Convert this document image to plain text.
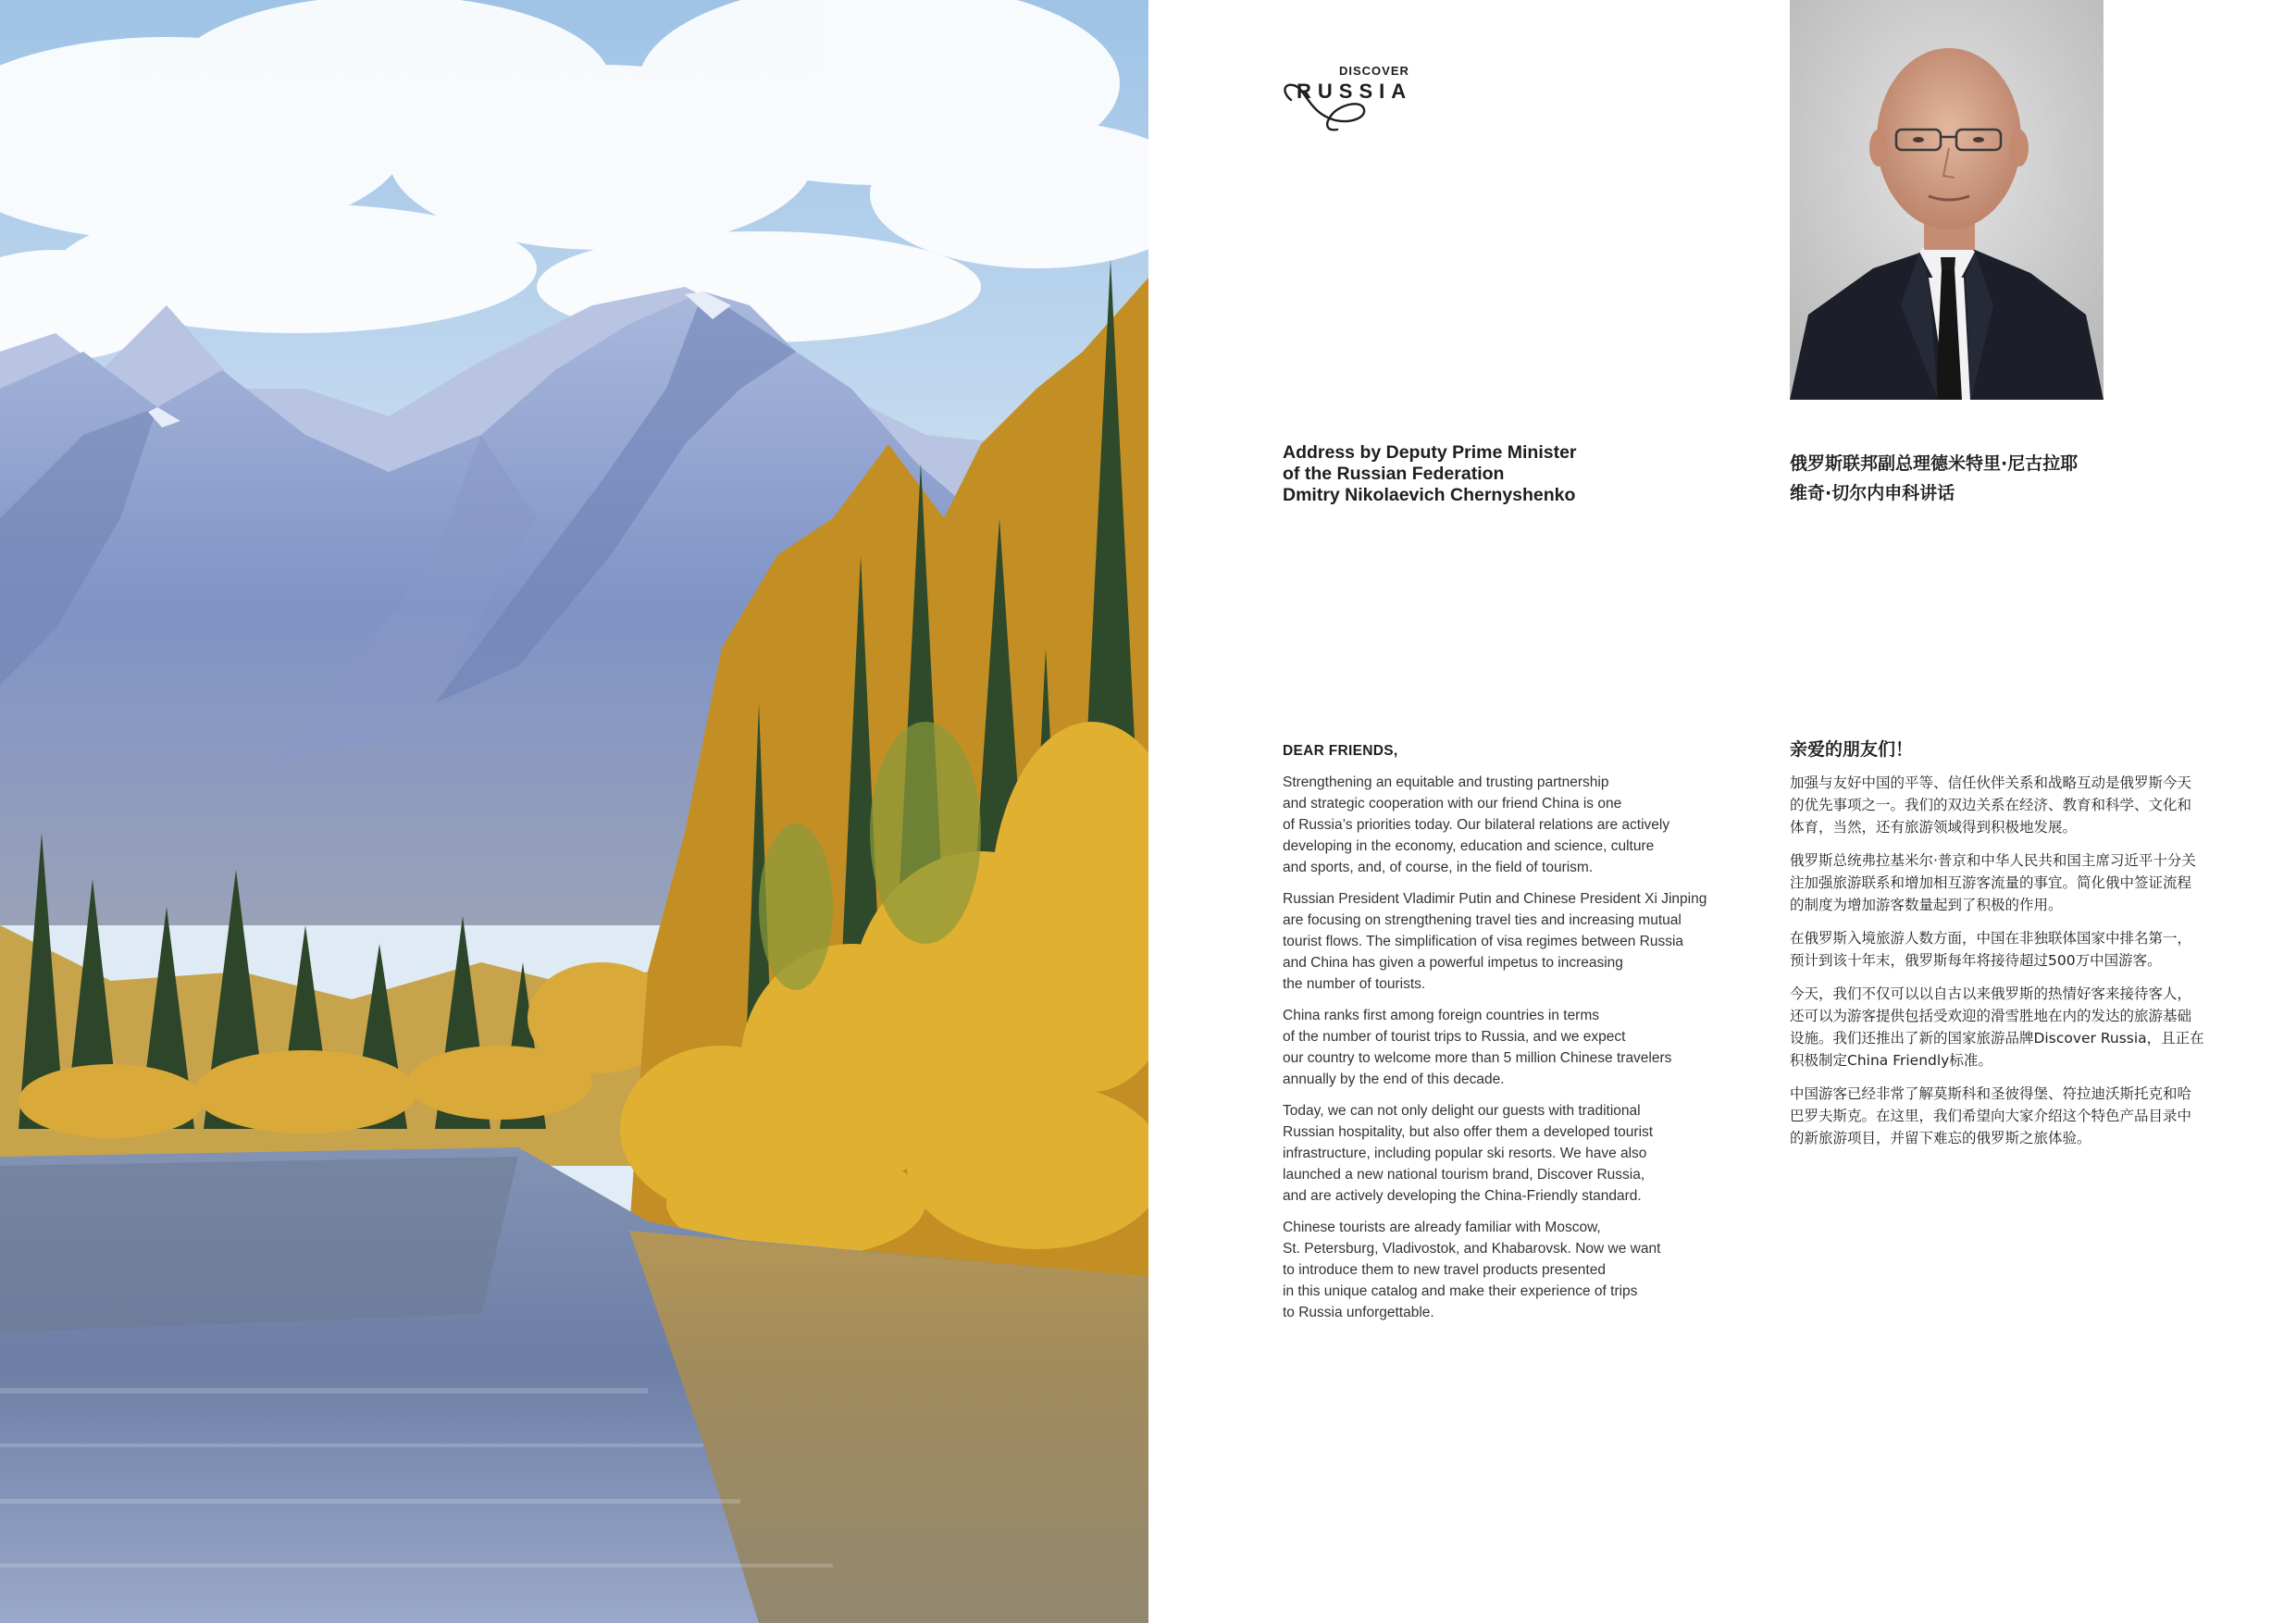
DISCOVER
RUSSIA
Address by Deputy Prime Minister
of the Russian Federation
Dmitry Nikolaevich Chernyshenko
俄罗斯联邦副总理德米特里·尼古拉耶
维奇·切尔内申科讲话
DEAR FRIENDS,
Strengthening an equitable and trusting partnership
and strategic cooperation with our friend China is one
of Russia’s priorities today. Our bilateral relations are actively
developing in the economy, education and science, culture
and sports, and, of course, in the field of tourism.
Russian President Vladimir Putin and Chinese President Xi Jinping
are focusing on strengthening travel ties and increasing mutual
tourist flows. The simplification of visa regimes between Russia
and China has given a powerful impetus to increasing
the number of tourists.
China ranks first among foreign countries in terms
of the number of tourist trips to Russia, and we expect
our country to welcome more than 5 million Chinese travelers
annually by the end of this decade.
Today, we can not only delight our guests with traditional
Russian hospitality, but also offer them a developed tourist
infrastructure, including popular ski resorts. We have also
launched a new national tourism brand, Discover Russia,
and are actively developing the China-Friendly standard.
Chinese tourists are already familiar with Moscow,
St. Petersburg, Vladivostok, and Khabarovsk. Now we want
to introduce them to new travel products presented
in this unique catalog and make their experience of trips
to Russia unforgettable.
亲爱的朋友们！
加强与友好中国的平等、信任伙伴关系和战略互动是俄罗斯今天
的优先事项之一。我们的双边关系在经济、教育和科学、文化和
体育，当然，还有旅游领域得到积极地发展。
俄罗斯总统弗拉基米尔·普京和中华人民共和国主席习近平十分关
注加强旅游联系和增加相互游客流量的事宜。简化俄中签证流程
的制度为增加游客数量起到了积极的作用。
在俄罗斯入境旅游人数方面，中国在非独联体国家中排名第一，
预计到该十年末，俄罗斯每年将接待超过500万中国游客。
今天，我们不仅可以以自古以来俄罗斯的热情好客来接待客人，
还可以为游客提供包括受欢迎的滑雪胜地在内的发达的旅游基础
设施。我们还推出了新的国家旅游品牌Discover Russia，且正在
积极制定China Friendly标准。
中国游客已经非常了解莫斯科和圣彼得堡、符拉迪沃斯托克和哈
巴罗夫斯克。在这里，我们希望向大家介绍这个特色产品目录中
的新旅游项目，并留下难忘的俄罗斯之旅体验。
